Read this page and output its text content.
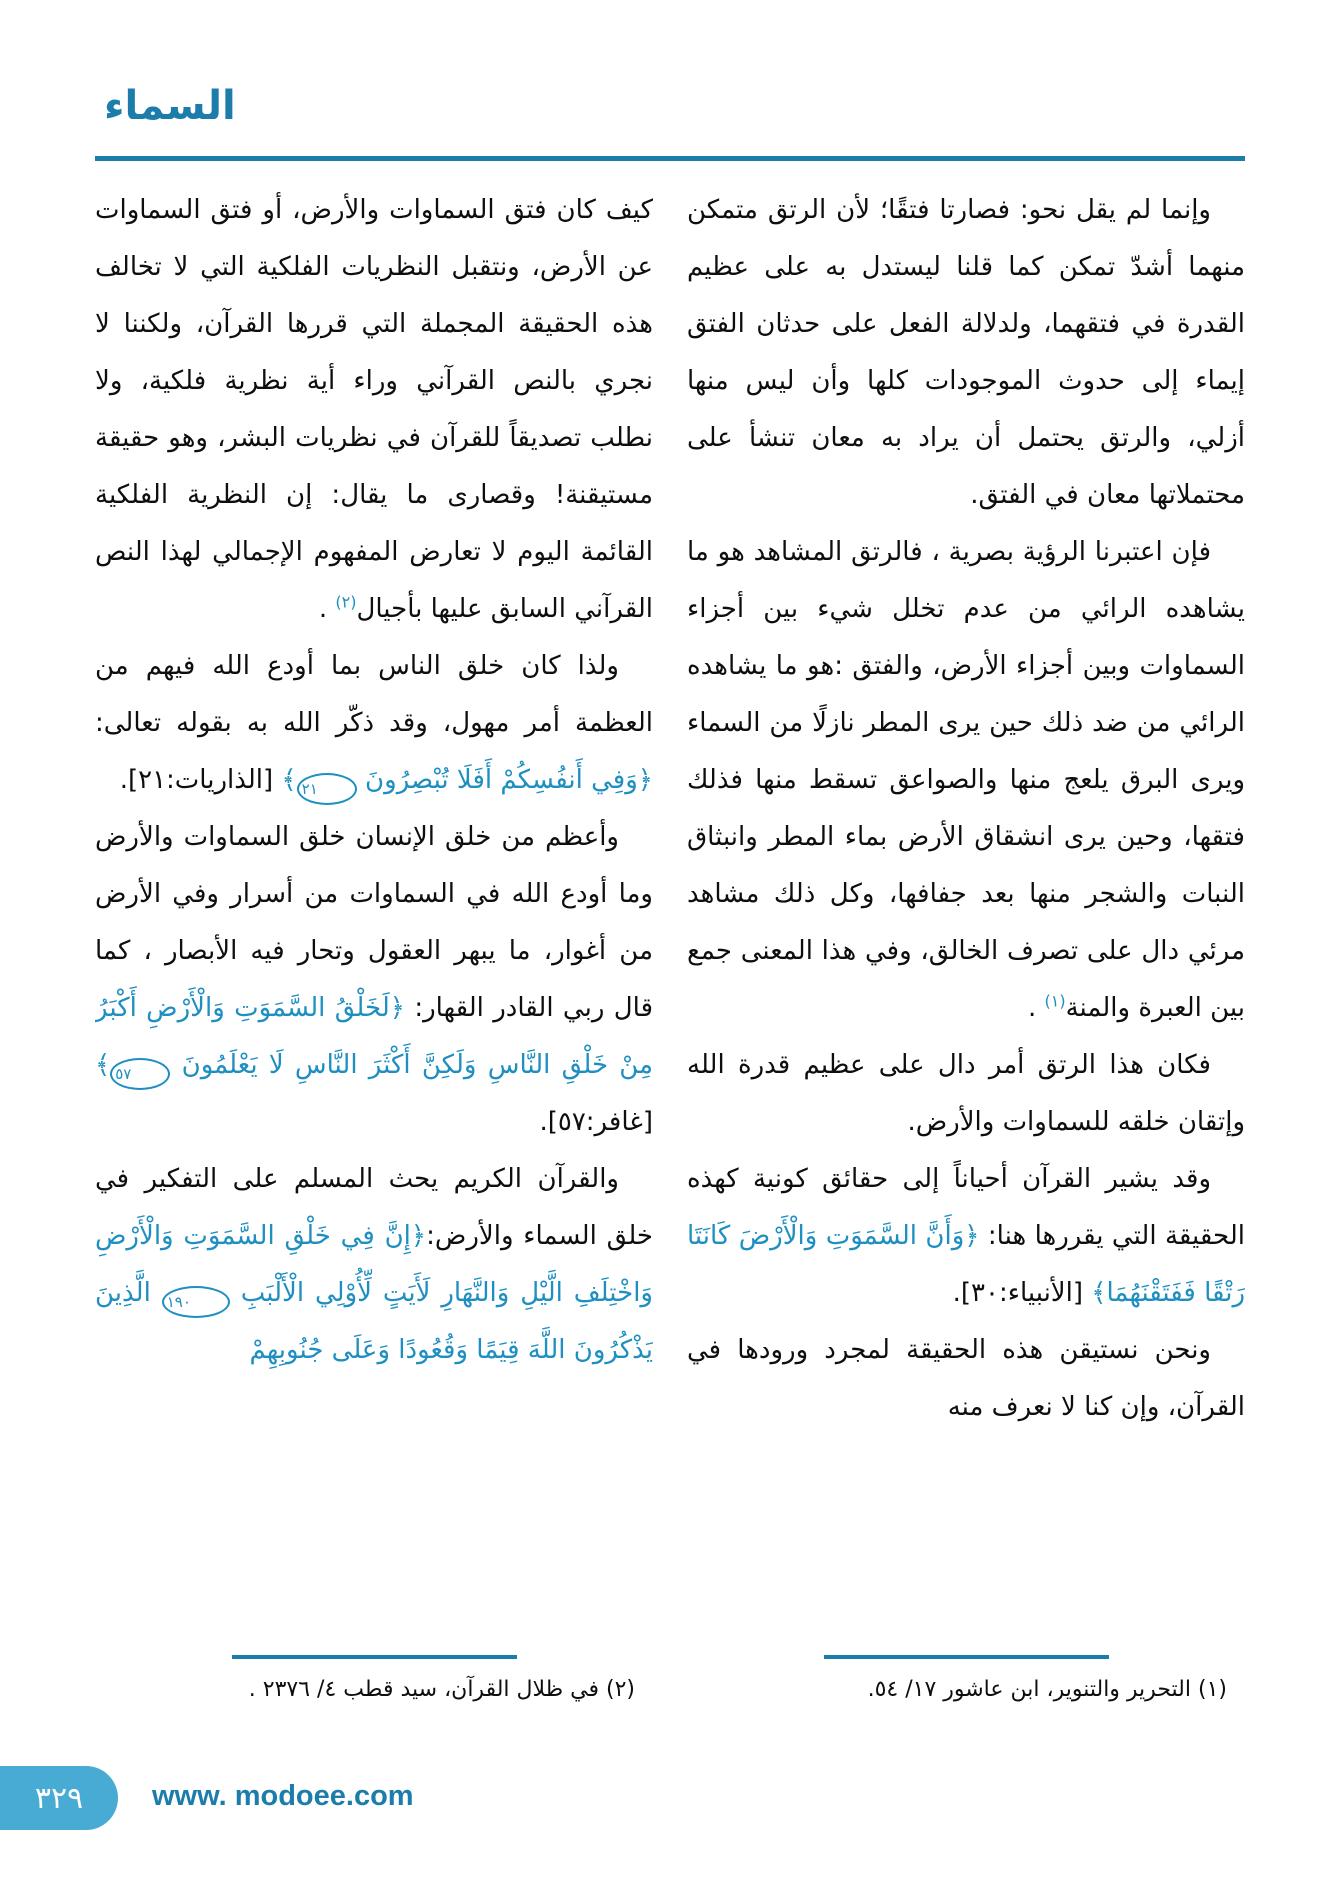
السماء

وإنما لم يقل نحو: فصارتا فتقًا؛ لأن الرتق متمكن منهما أشدّ تمكن كما قلنا ليستدل به على عظيم القدرة في فتقهما، ولدلالة الفعل على حدثان الفتق إيماء إلى حدوث الموجودات كلها وأن ليس منها أزلي، والرتق يحتمل أن يراد به معان تنشأ على محتملاتها معان في الفتق.

فإن اعتبرنا الرؤية بصرية ، فالرتق المشاهد هو ما يشاهده الرائي من عدم تخلل شيء بين أجزاء السماوات وبين أجزاء الأرض، والفتق :هو ما يشاهده الرائي من ضد ذلك حين يرى المطر نازلًا من السماء ويرى البرق يلعج منها والصواعق تسقط منها فذلك فتقها، وحين يرى انشقاق الأرض بماء المطر وانبثاق النبات والشجر منها بعد جفافها، وكل ذلك مشاهد مرئي دال على تصرف الخالق، وفي هذا المعنى جمع بين العبرة والمنة$^{(١)}$ .

فكان هذا الرتق أمر دال على عظيم قدرة الله وإتقان خلقه للسماوات والأرض.

وقد يشير القرآن أحياناً إلى حقائق كونية كهذه الحقيقة التي يقررها هنا: ﴿وَأَنَّ السَّمَوَتِ وَالْأَرْضَ كَانَتَا رَتْقًا فَفَتَقْنَهُمَا﴾ [الأنبياء:٣٠].

ونحن نستيقن هذه الحقيقة لمجرد ورودها في القرآن، وإن كنا لا نعرف منه

(١) التحرير والتنوير، ابن عاشور ١٧/ ٥٤.

كيف كان فتق السماوات والأرض، أو فتق السماوات عن الأرض، ونتقبل النظريات الفلكية التي لا تخالف هذه الحقيقة المجملة التي قررها القرآن، ولكننا لا نجري بالنص القرآني وراء أية نظرية فلكية، ولا نطلب تصديقاً للقرآن في نظريات البشر، وهو حقيقة مستيقنة! وقصارى ما يقال: إن النظرية الفلكية القائمة اليوم لا تعارض المفهوم الإجمالي لهذا النص القرآني السابق عليها بأجيال$^{(٢)}$ .

ولذا كان خلق الناس بما أودع الله فيهم من العظمة أمر مهول، وقد ذكّر الله به بقوله تعالى: ﴿وَفِي أَنفُسِكُمْ أَفَلَا تُبْصِرُونَ ٢١﴾ [الذاريات:٢١].

وأعظم من خلق الإنسان خلق السماوات والأرض وما أودع الله في السماوات من أسرار وفي الأرض من أغوار، ما يبهر العقول وتحار فيه الأبصار ، كما قال ربي القادر القهار: ﴿لَخَلْقُ السَّمَوَتِ وَالْأَرْضِ أَكْبَرُ مِنْ خَلْقِ النَّاسِ وَلَكِنَّ أَكْثَرَ النَّاسِ لَا يَعْلَمُونَ ٥٧﴾ [غافر:٥٧].

والقرآن الكريم يحث المسلم على التفكير في خلق السماء والأرض:﴿إِنَّ فِي خَلْقِ السَّمَوَتِ وَالْأَرْضِ وَاخْتِلَفِ الَّيْلِ وَالنَّهَارِ لَأَيَتٍ لِّأُوْلِي الْأَلْبَبِ ١٩٠ الَّذِينَ يَذْكُرُونَ اللَّهَ قِيَمًا وَقُعُودًا وَعَلَى جُنُوبِهِمْ

(٢) في ظلال القرآن، سيد قطب ٤/ ٢٣٧٦ .
٣٢٩ www. modoee.com
